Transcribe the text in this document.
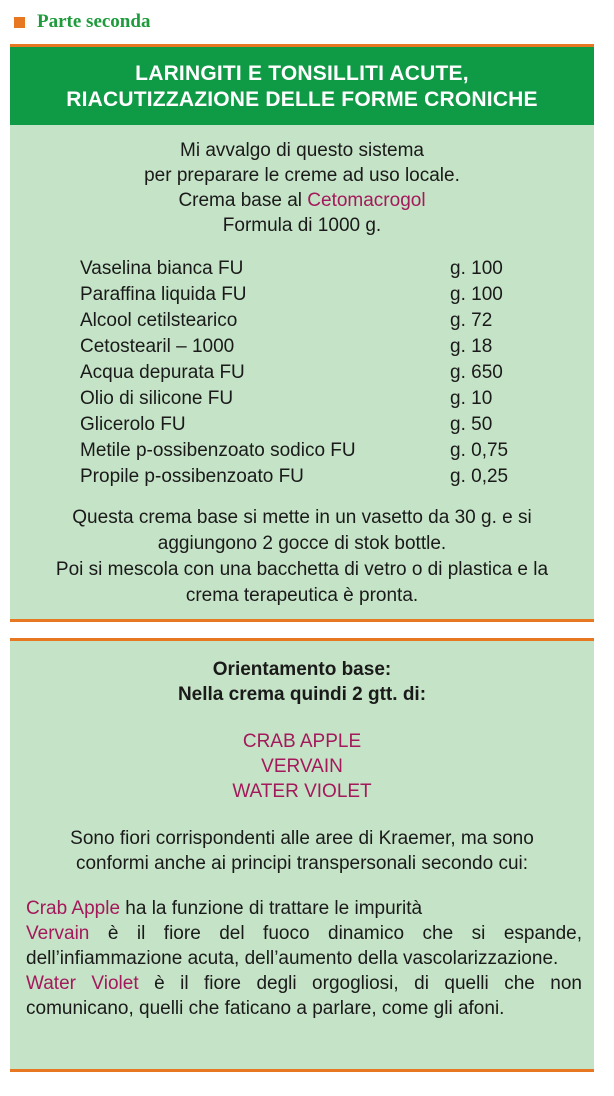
Parte seconda
LARINGITI E TONSILLITI ACUTE,
RIACUTIZZAZIONE DELLE FORME CRONICHE
Mi avvalgo di questo sistema
per preparare le creme ad uso locale.
Crema base al Cetomacrogol
Formula di 1000 g.
Vaselina bianca FU	g. 100
Paraffina liquida FU	g. 100
Alcool cetilstearico	g. 72
Cetostearil – 1000	g. 18
Acqua depurata FU	g. 650
Olio di silicone FU	g. 10
Glicerolo FU	g. 50
Metile p-ossibenzoato sodico FU	g. 0,75
Propile p-ossibenzoato FU	g. 0,25
Questa crema base si mette in un vasetto da 30 g. e si
aggiungono 2 gocce di stok bottle.
Poi si mescola con una bacchetta di vetro o di plastica e la
crema terapeutica è pronta.
Orientamento base:
Nella crema quindi 2 gtt. di:
CRAB APPLE
VERVAIN
WATER VIOLET
Sono fiori corrispondenti alle aree di Kraemer, ma sono
conformi anche ai principi transpersonali secondo cui:

Crab Apple ha la funzione di trattare le impurità

Vervain è il fiore del fuoco dinamico che si espande, dell’infiammazione acuta, dell’aumento della vascolarizzazione.

Water Violet è il fiore degli orgogliosi, di quelli che non comunicano, quelli che faticano a parlare, come gli afoni.
